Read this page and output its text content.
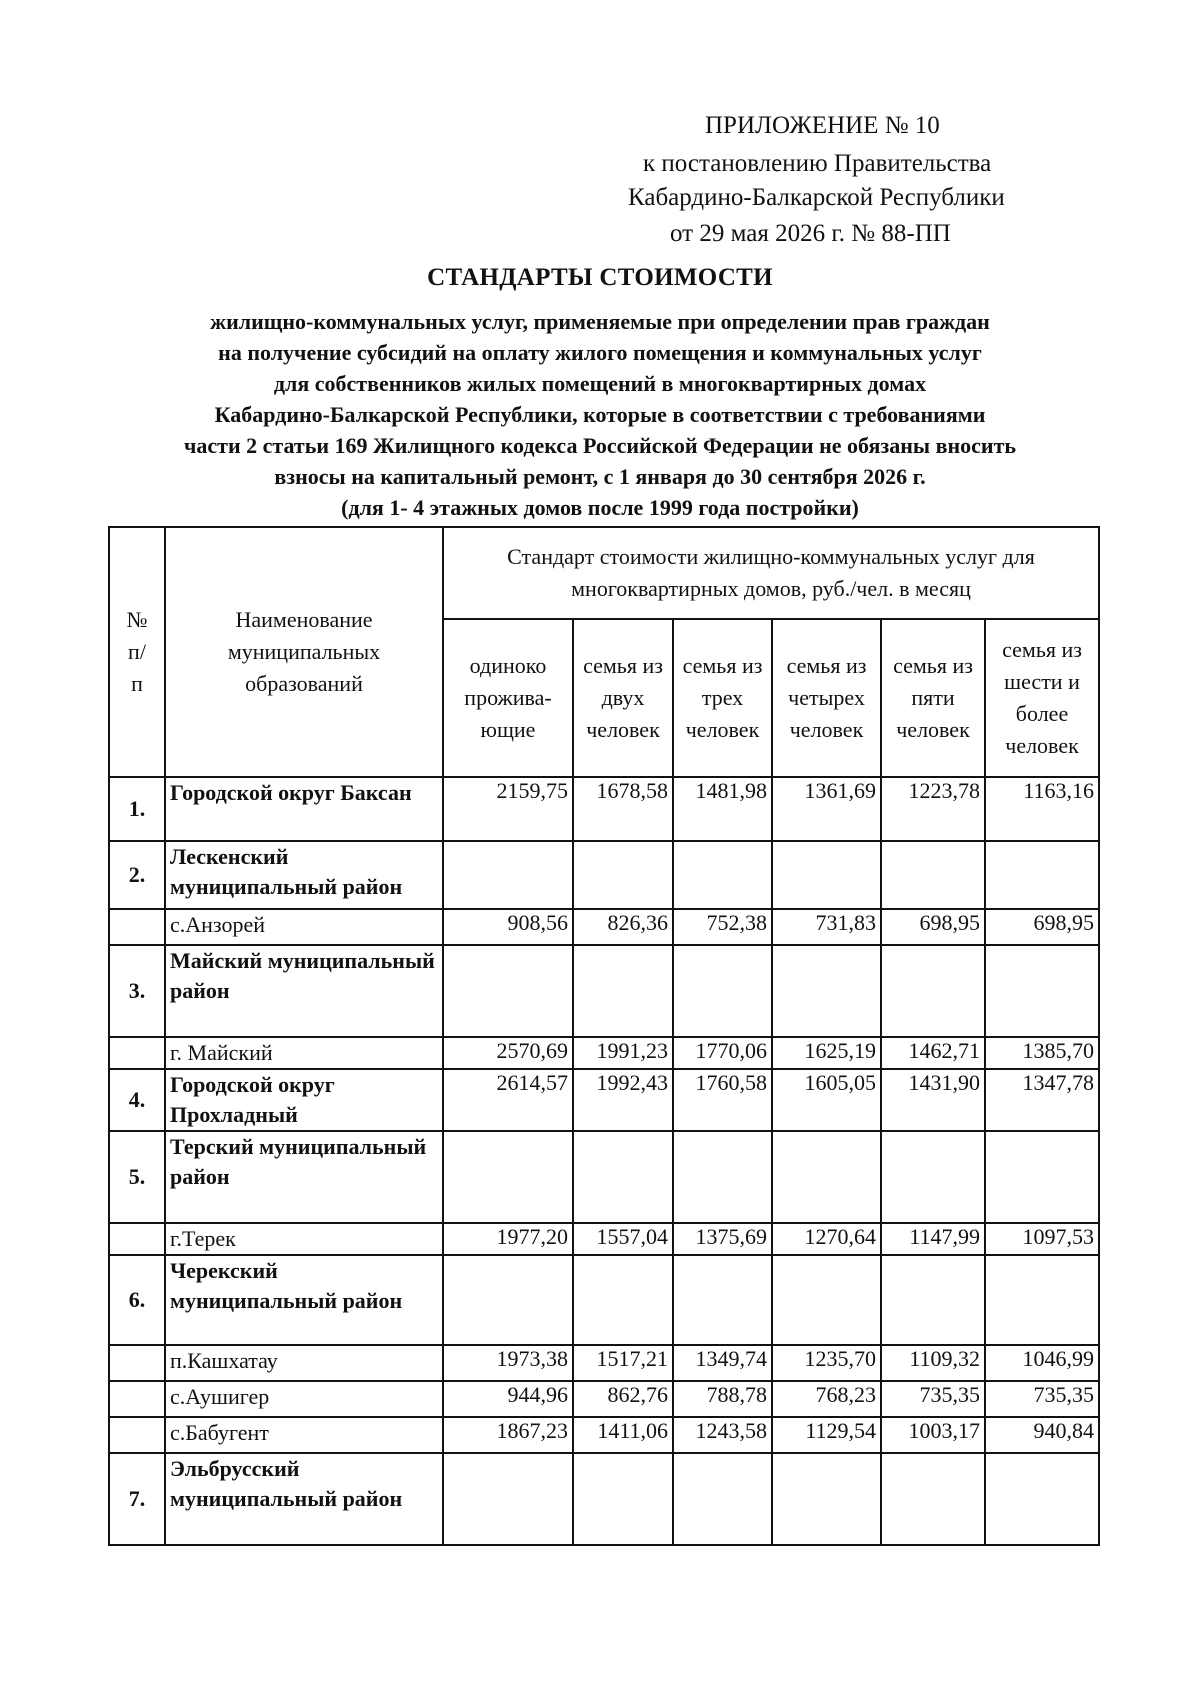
ПРИЛОЖЕНИЕ № 10
к постановлению Правительства
Кабардино-Балкарской Республики
от 29 мая 2026 г. № 88-ПП
СТАНДАРТЫ СТОИМОСТИ
жилищно-коммунальных услуг, применяемые при определении прав граждан
на получение субсидий на оплату жилого помещения и коммунальных услуг
для собственников жилых помещений в многоквартирных домах
Кабардино-Балкарской Республики, которые в соответствии с требованиями
части 2 статьи 169 Жилищного кодекса Российской Федерации не обязаны вносить
взносы на капитальный ремонт, с 1 января до 30 сентября 2026 г.
(для 1- 4 этажных домов после 1999 года постройки)
№ п/п	Наименование муниципальных образований	Стандарт стоимости жилищно-коммунальных услуг для многоквартирных домов, руб./чел. в месяц					
		одиноко прожива-ющие	семья из двух человек	семья из трех человек	семья из четырех человек	семья из пяти человек	семья из шести и более человек
1.	Городской округ Баксан	2159,75	1678,58	1481,98	1361,69	1223,78	1163,16
2.	Лескенский муниципальный район						
	с.Анзорей	908,56	826,36	752,38	731,83	698,95	698,95
3.	Майский муниципальный район						
	г. Майский	2570,69	1991,23	1770,06	1625,19	1462,71	1385,70
4.	Городской округ Прохладный	2614,57	1992,43	1760,58	1605,05	1431,90	1347,78
5.	Терский муниципальный район						
	г.Терек	1977,20	1557,04	1375,69	1270,64	1147,99	1097,53
6.	Черекский муниципальный район						
	п.Кашхатау	1973,38	1517,21	1349,74	1235,70	1109,32	1046,99
	с.Аушигер	944,96	862,76	788,78	768,23	735,35	735,35
	с.Бабугент	1867,23	1411,06	1243,58	1129,54	1003,17	940,84
7.	Эльбрусский муниципальный район						
